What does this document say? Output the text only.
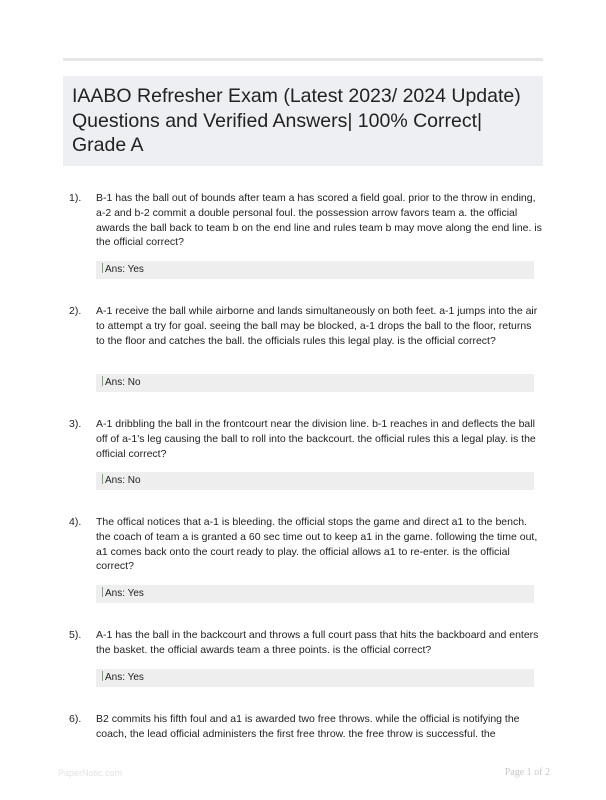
IAABO Refresher Exam (Latest 2023/ 2024 Update) Questions and Verified Answers| 100% Correct| Grade A
1). B-1 has the ball out of bounds after team a has scored a field goal. prior to the throw in ending, a-2 and b-2 commit a double personal foul. the possession arrow favors team a. the official awards the ball back to team b on the end line and rules team b may move along the end line. is the official correct?

Ans: Yes
2). A-1 receive the ball while airborne and lands simultaneously on both feet. a-1 jumps into the air to attempt a try for goal. seeing the ball may be blocked, a-1 drops the ball to the floor, returns to the floor and catches the ball. the officials rules this legal play. is the official correct?

Ans: No
3). A-1 dribbling the ball in the frontcourt near the division line. b-1 reaches in and deflects the ball off of a-1's leg causing the ball to roll into the backcourt. the official rules this a legal play. is the official correct?

Ans: No
4). The offical notices that a-1 is bleeding. the official stops the game and direct a1 to the bench. the coach of team a is granted a 60 sec time out to keep a1 in the game. following the time out, a1 comes back onto the court ready to play. the official allows a1 to re-enter. is the official correct?

Ans: Yes
5). A-1 has the ball in the backcourt and throws a full court pass that hits the backboard and enters the basket. the official awards team a three points. is the official correct?

Ans: Yes
6). B2 commits his fifth foul and a1 is awarded two free throws. while the official is notifying the coach, the lead official administers the first free throw. the free throw is successful. the

PaperNotic.com	Page 1 of 2
